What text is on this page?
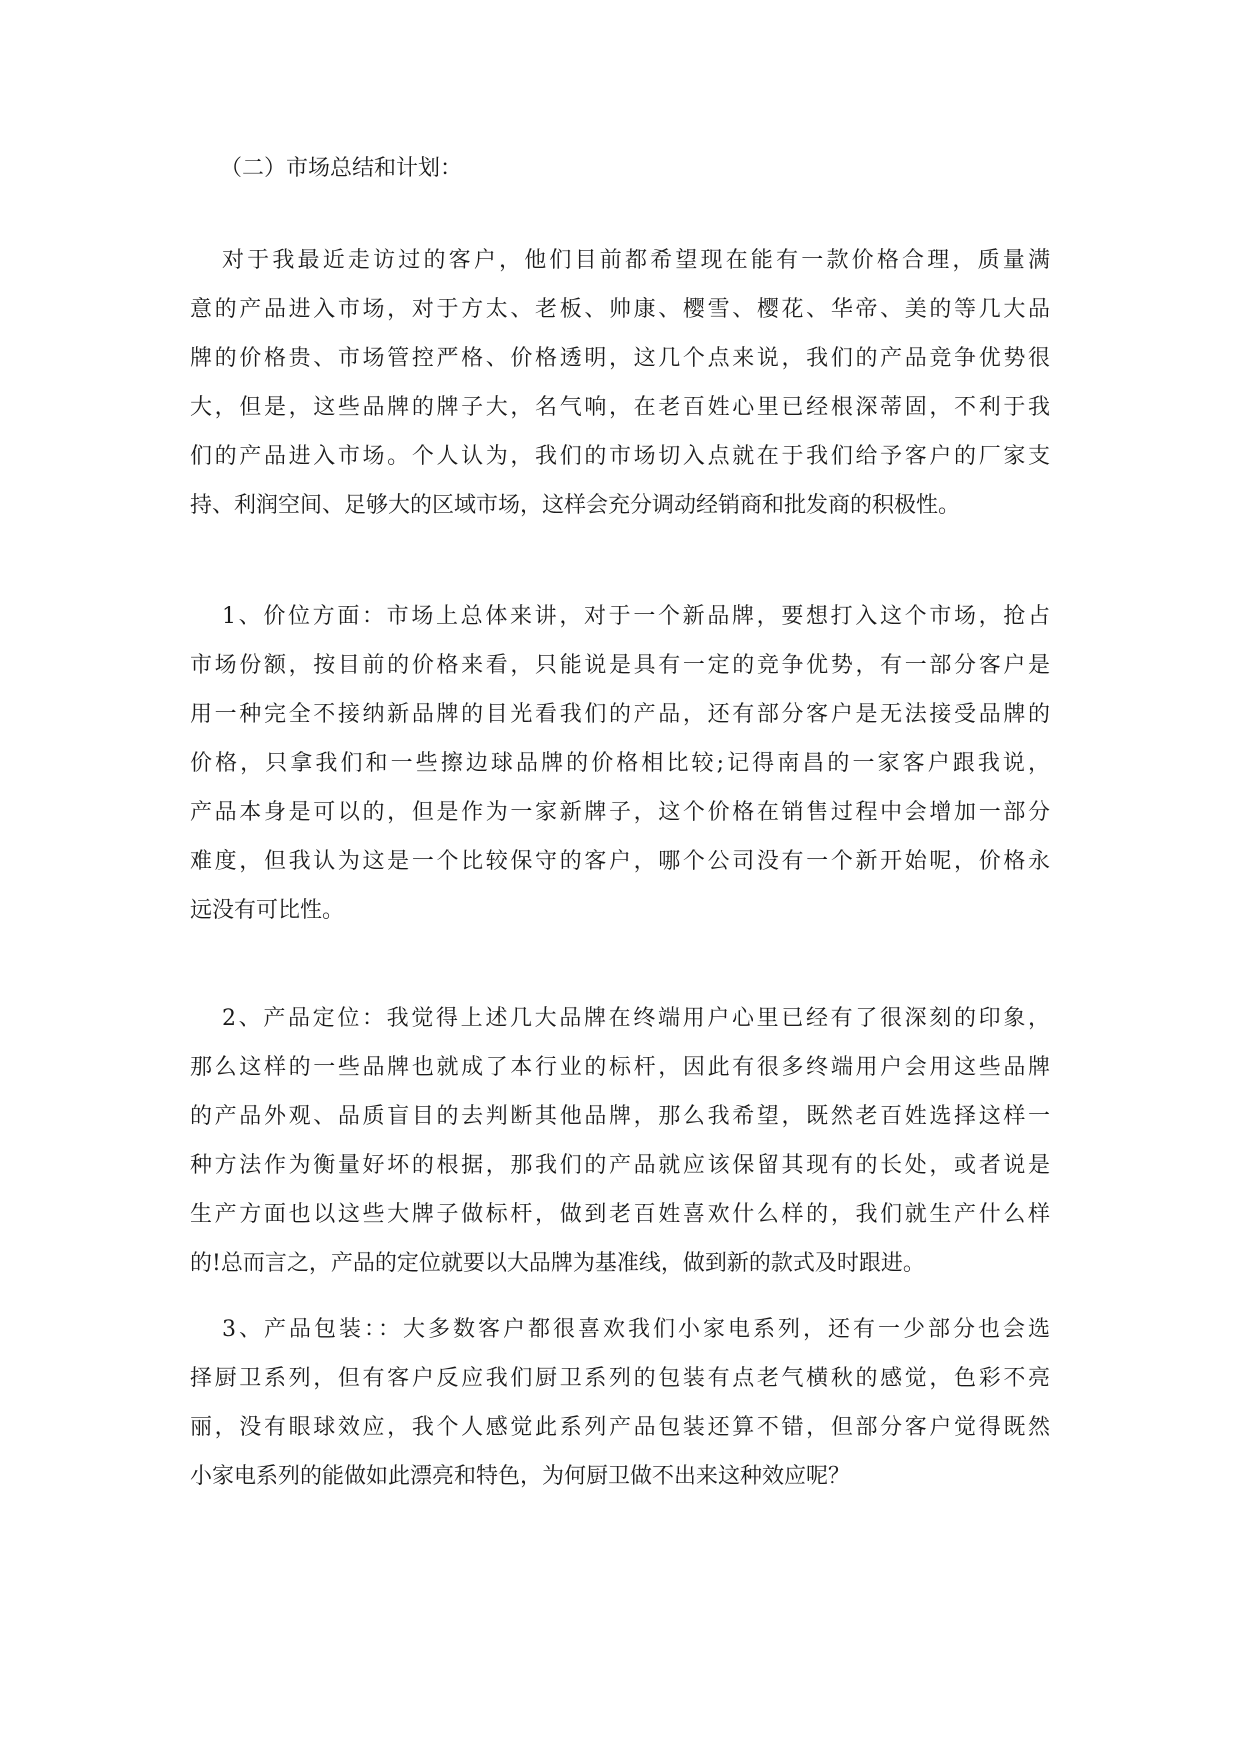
（二）市场总结和计划：

对于我最近走访过的客户，他们目前都希望现在能有一款价格合理，质量满
意的产品进入市场，对于方太、老板、帅康、樱雪、樱花、华帝、美的等几大品
牌的价格贵、市场管控严格、价格透明，这几个点来说，我们的产品竞争优势很
大，但是，这些品牌的牌子大，名气响，在老百姓心里已经根深蒂固，不利于我
们的产品进入市场。个人认为，我们的市场切入点就在于我们给予客户的厂家支
持、利润空间、足够大的区域市场，这样会充分调动经销商和批发商的积极性。
1、价位方面：市场上总体来讲，对于一个新品牌，要想打入这个市场，抢占
市场份额，按目前的价格来看，只能说是具有一定的竞争优势，有一部分客户是
用一种完全不接纳新品牌的目光看我们的产品，还有部分客户是无法接受品牌的
价格，只拿我们和一些擦边球品牌的价格相比较;记得南昌的一家客户跟我说，
产品本身是可以的，但是作为一家新牌子，这个价格在销售过程中会增加一部分
难度，但我认为这是一个比较保守的客户，哪个公司没有一个新开始呢，价格永
远没有可比性。
2、产品定位：我觉得上述几大品牌在终端用户心里已经有了很深刻的印象，
那么这样的一些品牌也就成了本行业的标杆，因此有很多终端用户会用这些品牌
的产品外观、品质盲目的去判断其他品牌，那么我希望，既然老百姓选择这样一
种方法作为衡量好坏的根据，那我们的产品就应该保留其现有的长处，或者说是
生产方面也以这些大牌子做标杆，做到老百姓喜欢什么样的，我们就生产什么样
的!总而言之，产品的定位就要以大品牌为基准线，做到新的款式及时跟进。
3、产品包装：：大多数客户都很喜欢我们小家电系列，还有一少部分也会选
择厨卫系列，但有客户反应我们厨卫系列的包装有点老气横秋的感觉，色彩不亮
丽，没有眼球效应，我个人感觉此系列产品包装还算不错，但部分客户觉得既然
小家电系列的能做如此漂亮和特色，为何厨卫做不出来这种效应呢？
